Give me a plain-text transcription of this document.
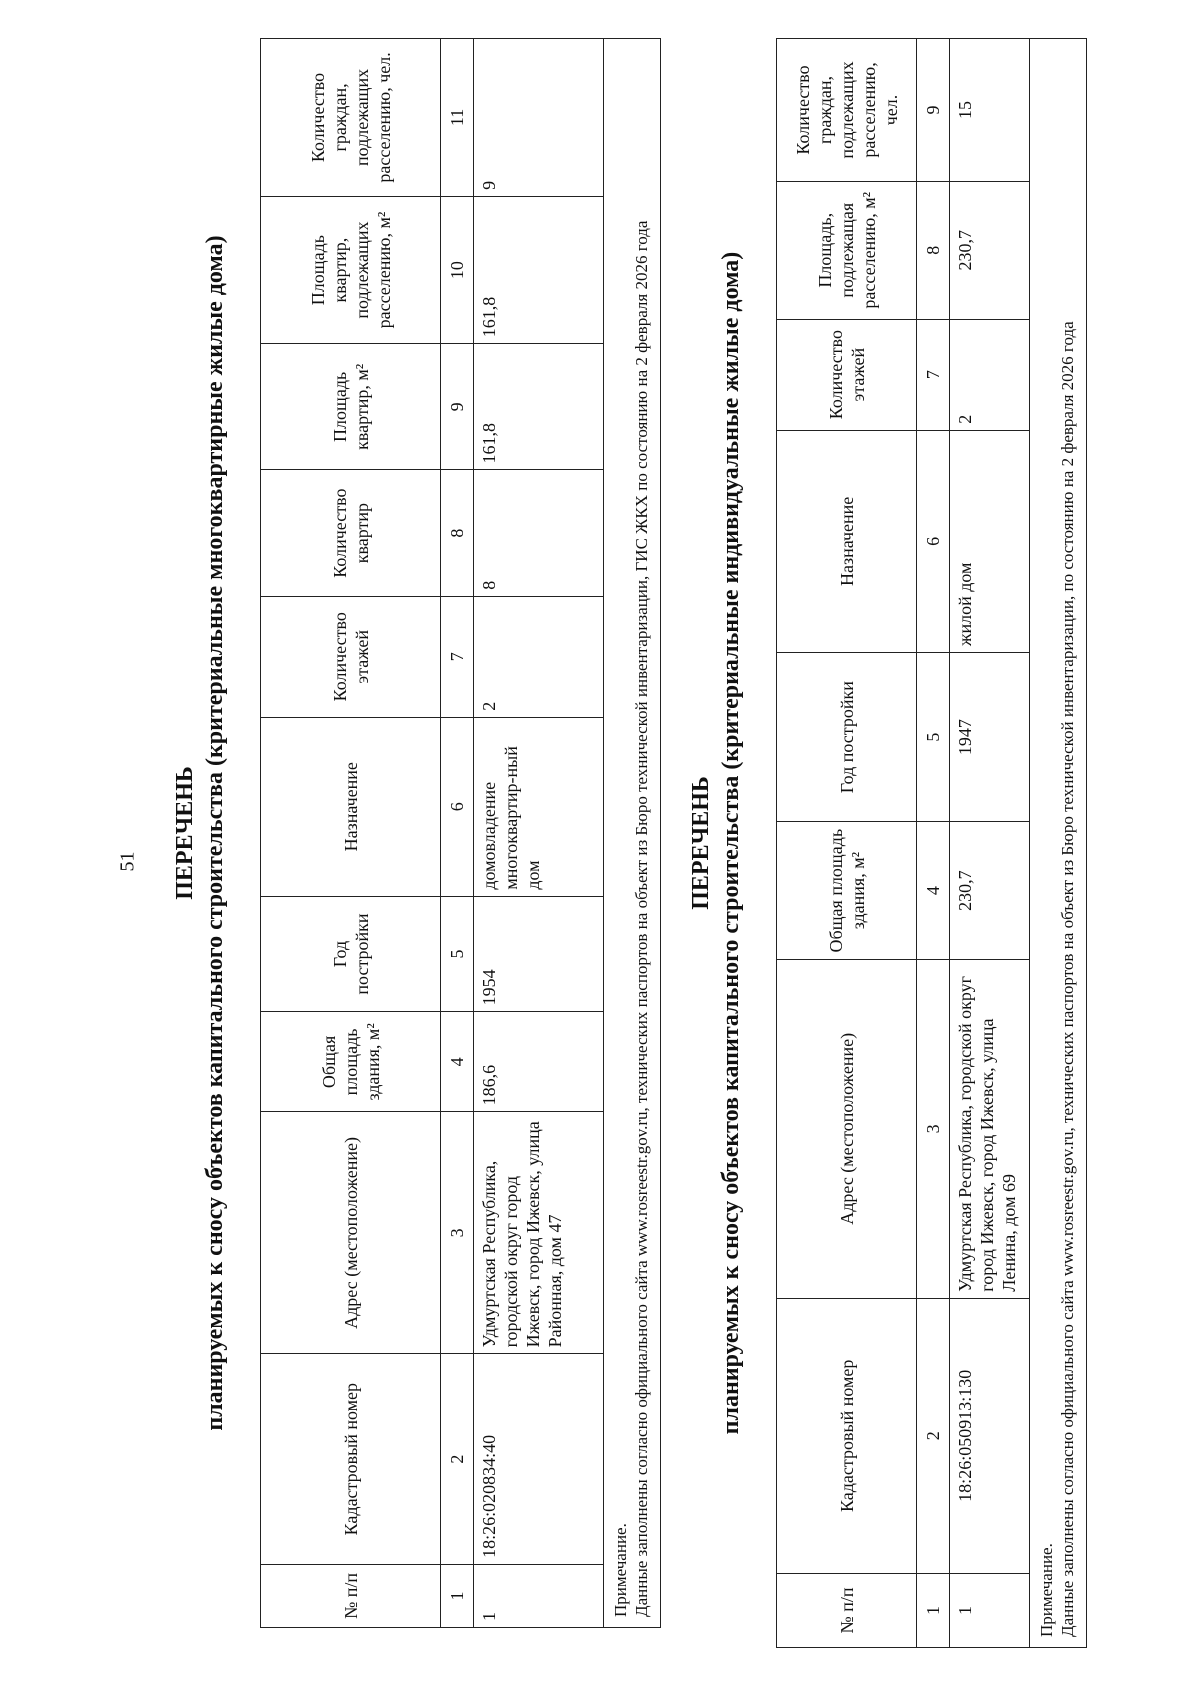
51 ПЕРЕЧЕНЬ планируемых к сносу объектов капитального строительства (критериальные многоквартирные жилые дома)
№ п/п	Кадастровый номер	Адрес (местоположение)	Общая площадь здания, м²	Год постройки	Назначение	Количество этажей	Количество квартир	Площадь квартир, м²	Площадь квартир, подлежащих расселению, м²	Количество граждан, подлежащих расселению, чел.
1	2	3	4	5	6	7	8	9	10	11
1	18:26:020834:40	Удмуртская Республика, городской округ город Ижевск, город Ижевск, улица Районная, дом 47	186,6	1954	домовладение многоквартир-ный дом	2	8	161,8	161,8	9
Примечание. Данные заполнены согласно официального сайта www.rosreestr.gov.ru, технических паспортов на объект из Бюро технической инвентаризации, ГИС ЖКХ по состоянию на 2 февраля 2026 года ПЕРЕЧЕНЬ планируемых к сносу объектов капитального строительства (критериальные индивидуальные жилые дома)
№ п/п	Кадастровый номер	Адрес (местоположение)	Общая площадь здания, м²	Год постройки	Назначение	Количество этажей	Площадь, подлежащая расселению, м²	Количество граждан, подлежащих расселению, чел.
1	2	3	4	5	6	7	8	9
1	18:26:050913:130	Удмуртская Республика, городской округ город Ижевск, город Ижевск, улица Ленина, дом 69	230,7	1947	жилой дом	2	230,7	15
Примечание. Данные заполнены согласно официального сайта www.rosreestr.gov.ru, технических паспортов на объект из Бюро технической инвентаризации, по состоянию на 2 февраля 2026 года
